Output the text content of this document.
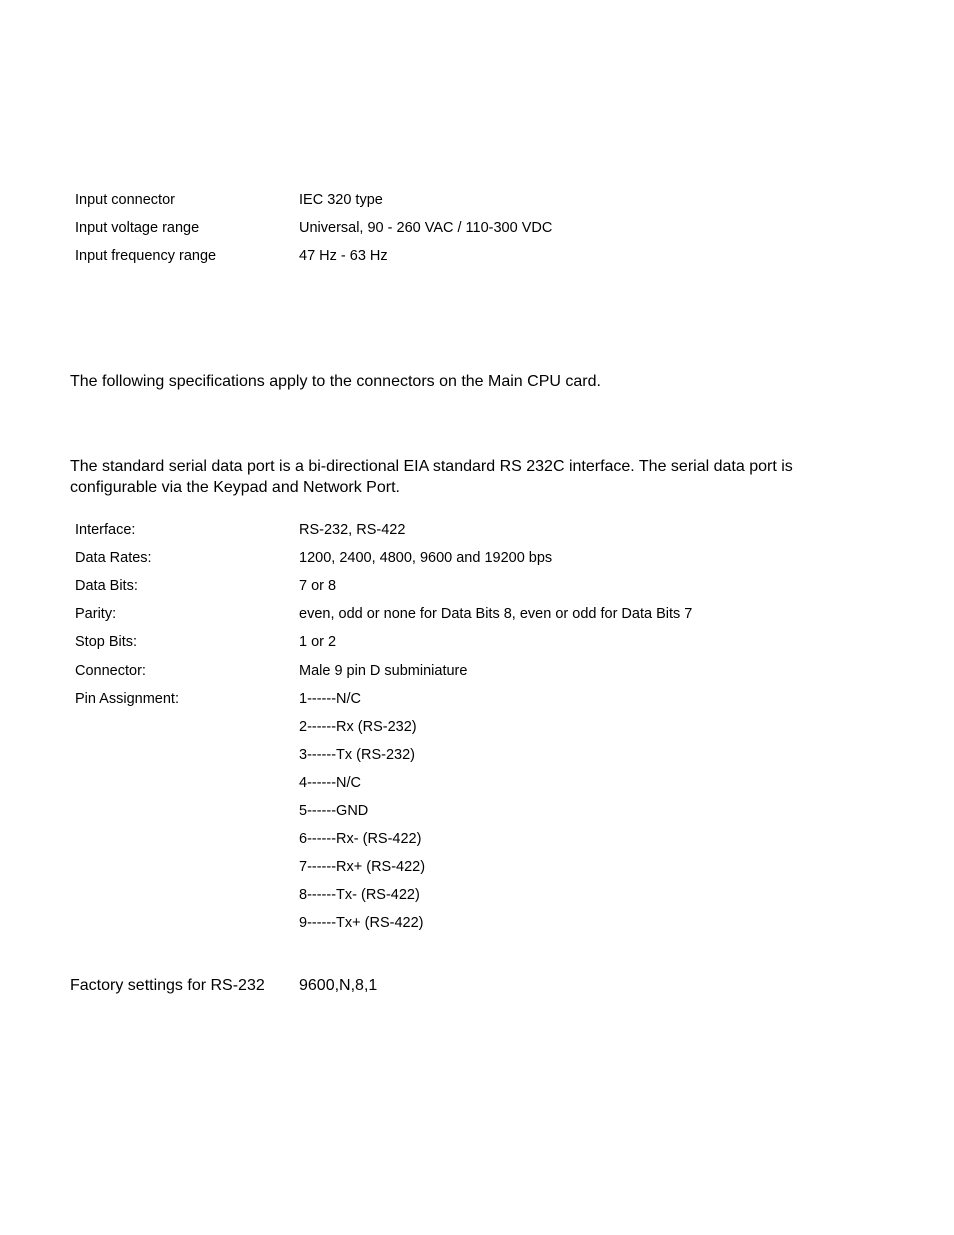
Input connector	IEC 320 type
Input voltage range	Universal, 90 - 260 VAC / 110-300 VDC
Input frequency range	47 Hz - 63 Hz

The following specifications apply to the connectors on the Main CPU card.

The standard serial data port is a bi-directional EIA standard RS 232C interface. The serial data port is configurable via the Keypad and Network Port.

Interface:	RS-232, RS-422
Data Rates:	1200, 2400, 4800, 9600 and 19200 bps
Data Bits:	7 or 8
Parity:	even, odd or none for Data Bits 8, even or odd for Data Bits 7
Stop Bits:	1 or 2
Connector:	Male 9 pin D subminiature
Pin Assignment:	1------N/C
2------Rx (RS-232)
3------Tx (RS-232)
4------N/C
5------GND
6------Rx- (RS-422)
7------Rx+ (RS-422)
8------Tx- (RS-422)
9------Tx+ (RS-422)
Factory settings for RS-232 9600,N,8,1
